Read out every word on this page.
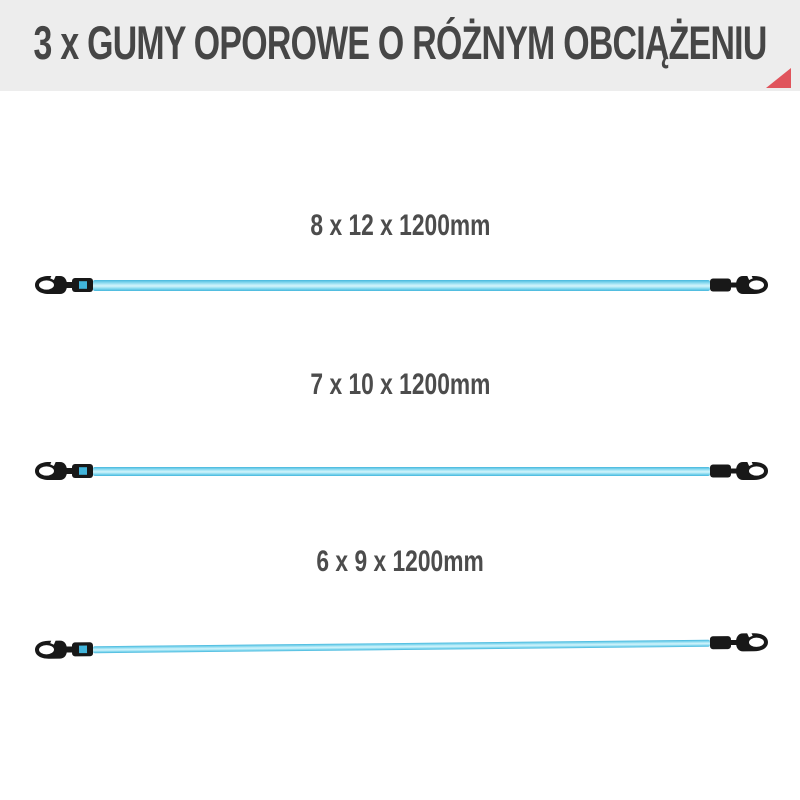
3 x GUMY OPOROWE O RÓŻNYM OBCIĄŻENIU
8 x 12 x 1200mm
7 x 10 x 1200mm
6 x 9 x 1200mm
